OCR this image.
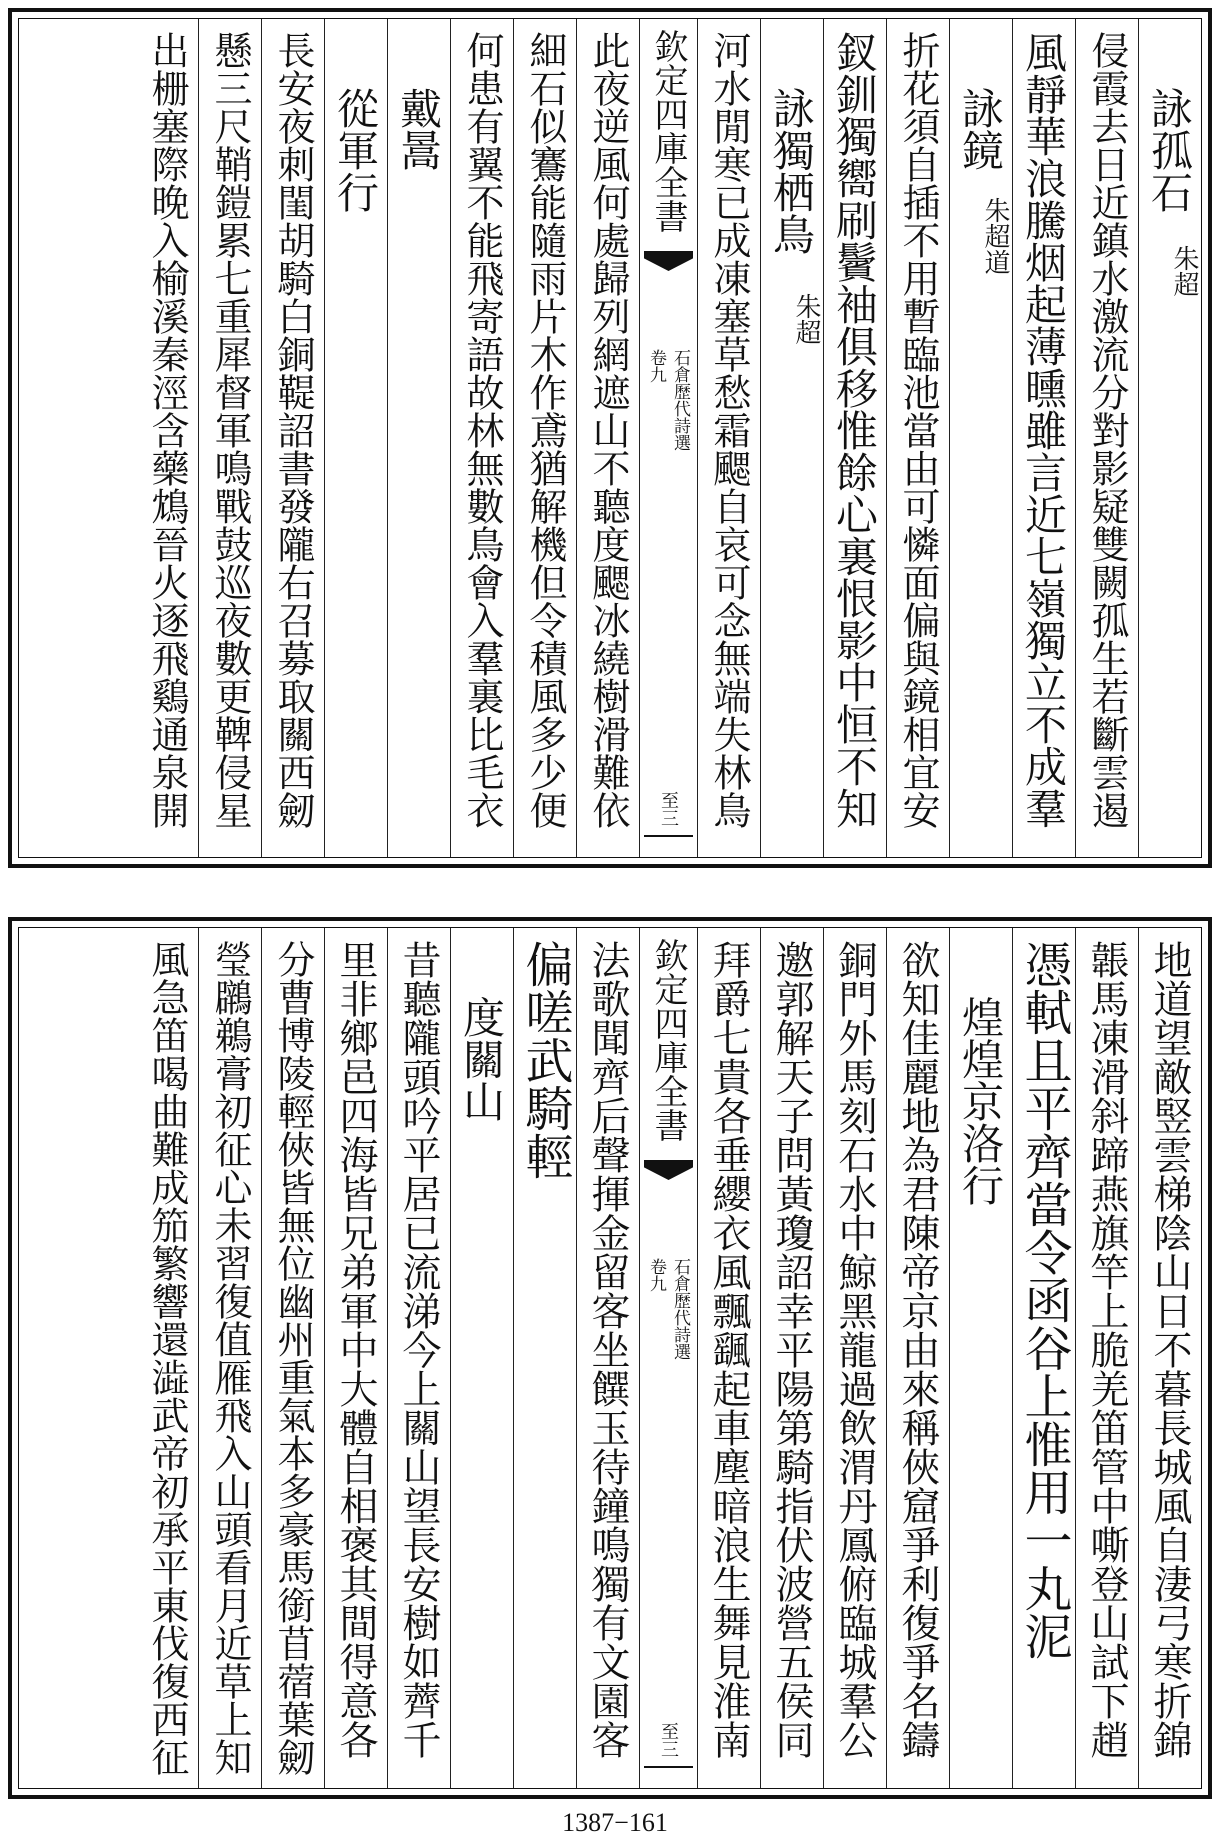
詠孤石
朱超
侵霞去日近鎮水激流分對影疑雙闕孤生若斷雲遏
風靜華浪騰烟起薄曛雖言近七嶺獨立不成羣
詠鏡
朱超道
折花須自插不用暫臨池當由可憐面偏與鏡相宜安
釵釧獨嚮刷鬢袖俱移惟餘心裏恨影中恒不知
詠獨栖鳥
朱超
河水閒寒已成凍塞草愁霜颸自哀可念無端失林鳥
欽定四庫全書
石倉歷代詩選
卷九
至三
此夜逆風何處歸列網遮山不聽度颸冰繞樹滑難依
細石似鶱能隨雨片木作鳶猶解機但令積風多少便
何患有翼不能飛寄語故林無數鳥會入羣裏比毛衣
戴暠
從軍行
長安夜刺閨胡騎白銅鞮詔書發隴右召募取關西劒
懸三尺鞘鎧累七重犀督軍鳴戰鼓巡夜數更鞞侵星
出栅塞際晚入榆溪秦涇含藥鴆晉火逐飛鷄通泉開
地道望敵竪雲梯陰山日不暮長城風自淒弓寒折錦
韔馬凍滑斜蹄燕旗竿上脆羌笛管中嘶登山試下趙
憑軾且平齊當令函谷上惟用一丸泥
煌煌京洛行
欲知佳麗地為君陳帝京由來稱俠窟爭利復爭名鑄
銅門外馬刻石水中鯨黑龍過飲渭丹鳳俯臨城羣公
邀郭解天子問黃瓊詔幸平陽第騎指伏波營五侯同
拜爵七貴各垂纓衣風飄颻起車塵暗浪生舞見淮南
欽定四庫全書
石倉歷代詩選
卷九
至三
法歌聞齊后聲揮金留客坐饌玉待鐘鳴獨有文園客
偏嗟武騎輕
度關山
昔聽隴頭吟平居已流涕今上關山望長安樹如薺千
里非鄉邑四海皆兄弟軍中大體自相褒其間得意各
分曹博陵輕俠皆無位幽州重氣本多豪馬銜苜蓿葉劒
瑩鸊鵜膏初征心未習復值雁飛入山頭看月近草上知
風急笛喝曲難成笳繁響還澁武帝初承平東伐復西征
1387−161
